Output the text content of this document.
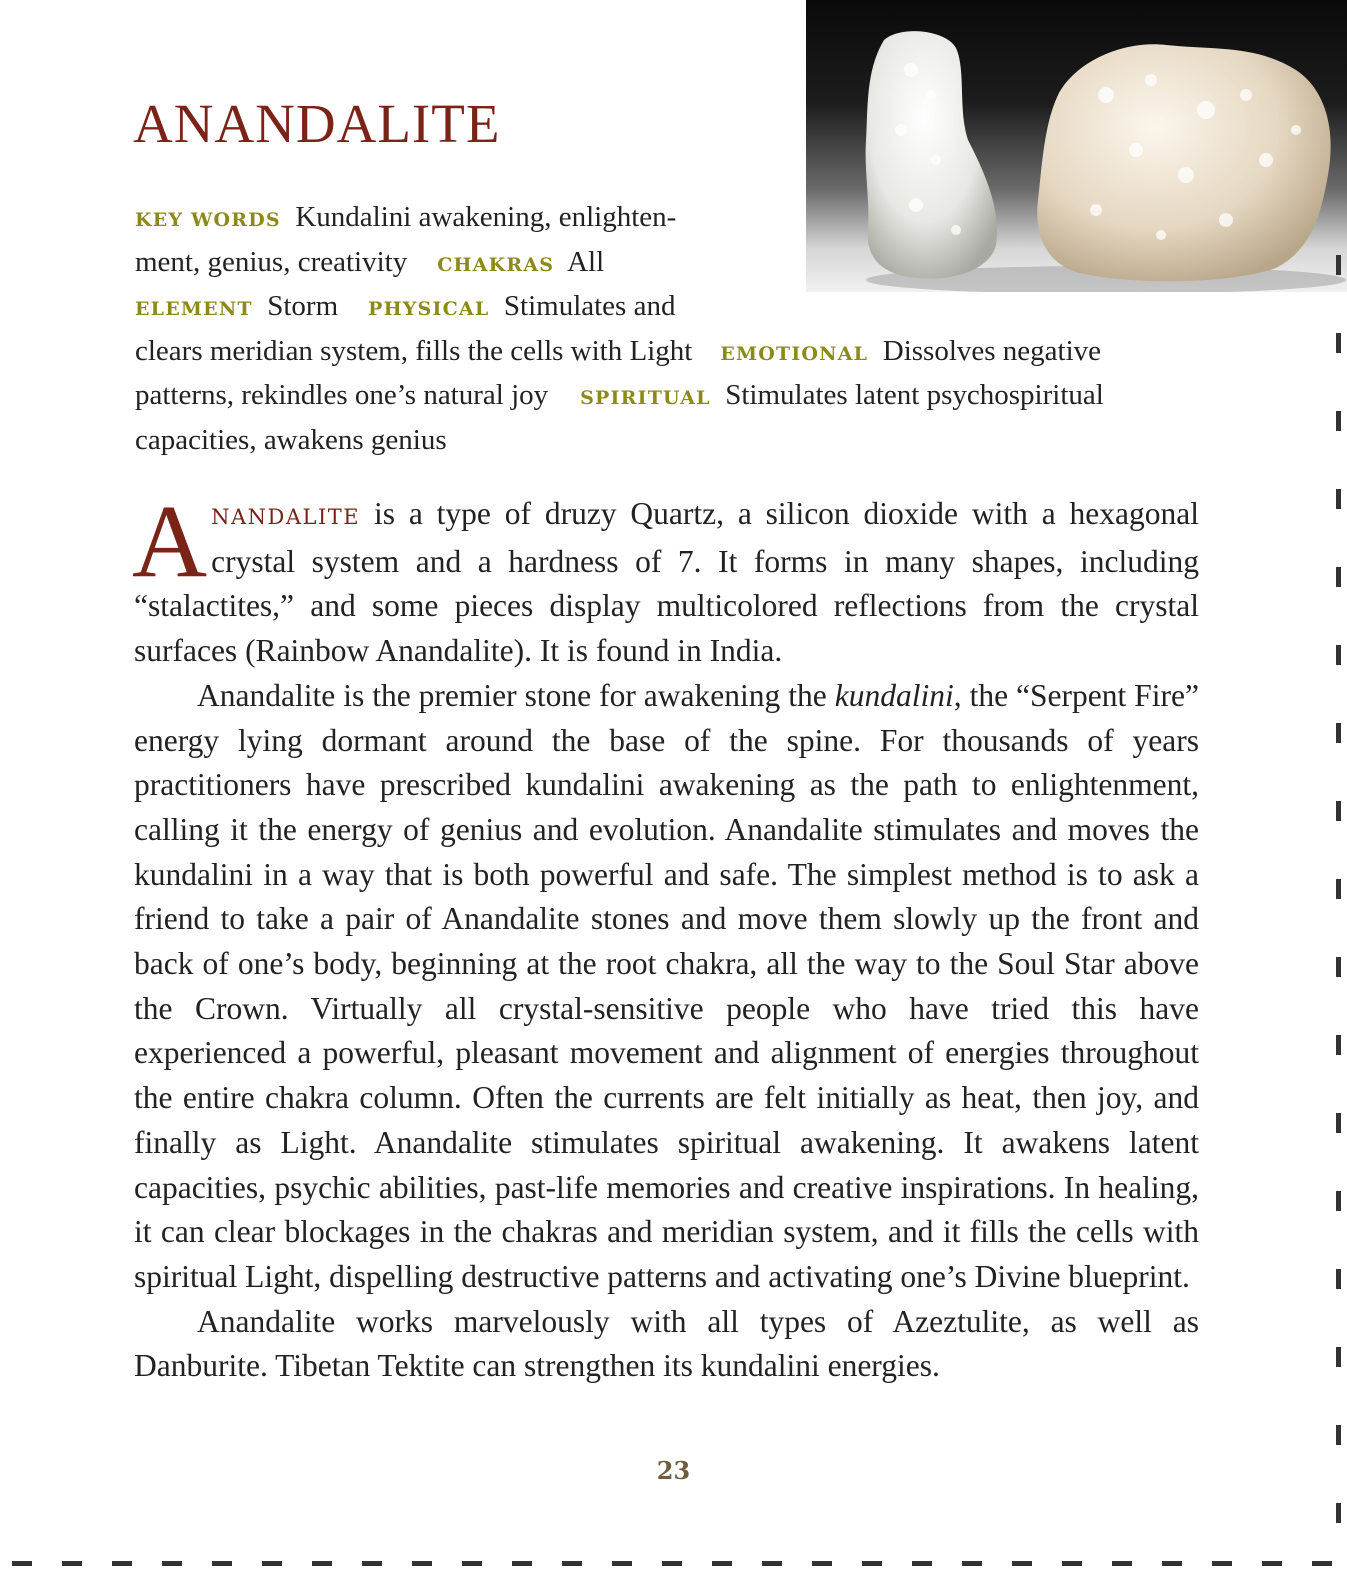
ANANDALITE
KEY WORDS Kundalini awakening, enlighten-
ment, genius, creativity CHAKRAS All
ELEMENT Storm PHYSICAL Stimulates and
clears meridian system, fills the cells with Light EMOTIONAL Dissolves negative
patterns, rekindles one’s natural joy SPIRITUAL Stimulates latent psychospiritual
capacities, awakens genius

ANANDALITE is a type of druzy Quartz, a silicon dioxide with a hexagonal crystal system and a hardness of 7. It forms in many shapes, including “stalactites,” and some pieces display multicolored reflections from the crystal surfaces (Rainbow Anandalite). It is found in India.

Anandalite is the premier stone for awakening the kundalini, the “Serpent Fire” energy lying dormant around the base of the spine. For thousands of years practitioners have prescribed kundalini awakening as the path to enlightenment, calling it the energy of genius and evolution. Anandalite stimulates and moves the kundalini in a way that is both powerful and safe. The simplest method is to ask a friend to take a pair of Anandalite stones and move them slowly up the front and back of one’s body, beginning at the root chakra, all the way to the Soul Star above the Crown. Virtually all crystal-sensitive people who have tried this have experienced a powerful, pleasant movement and alignment of energies throughout the entire chakra column. Often the currents are felt initially as heat, then joy, and finally as Light. Anandalite stimulates spiritual awakening. It awakens latent capacities, psychic abilities, past-life memories and creative inspirations. In healing, it can clear blockages in the chakras and meridian system, and it fills the cells with spiritual Light, dispelling destructive patterns and activating one’s Divine blueprint.

Anandalite works marvelously with all types of Azeztulite, as well as Danburite. Tibetan Tektite can strengthen its kundalini energies.

23
